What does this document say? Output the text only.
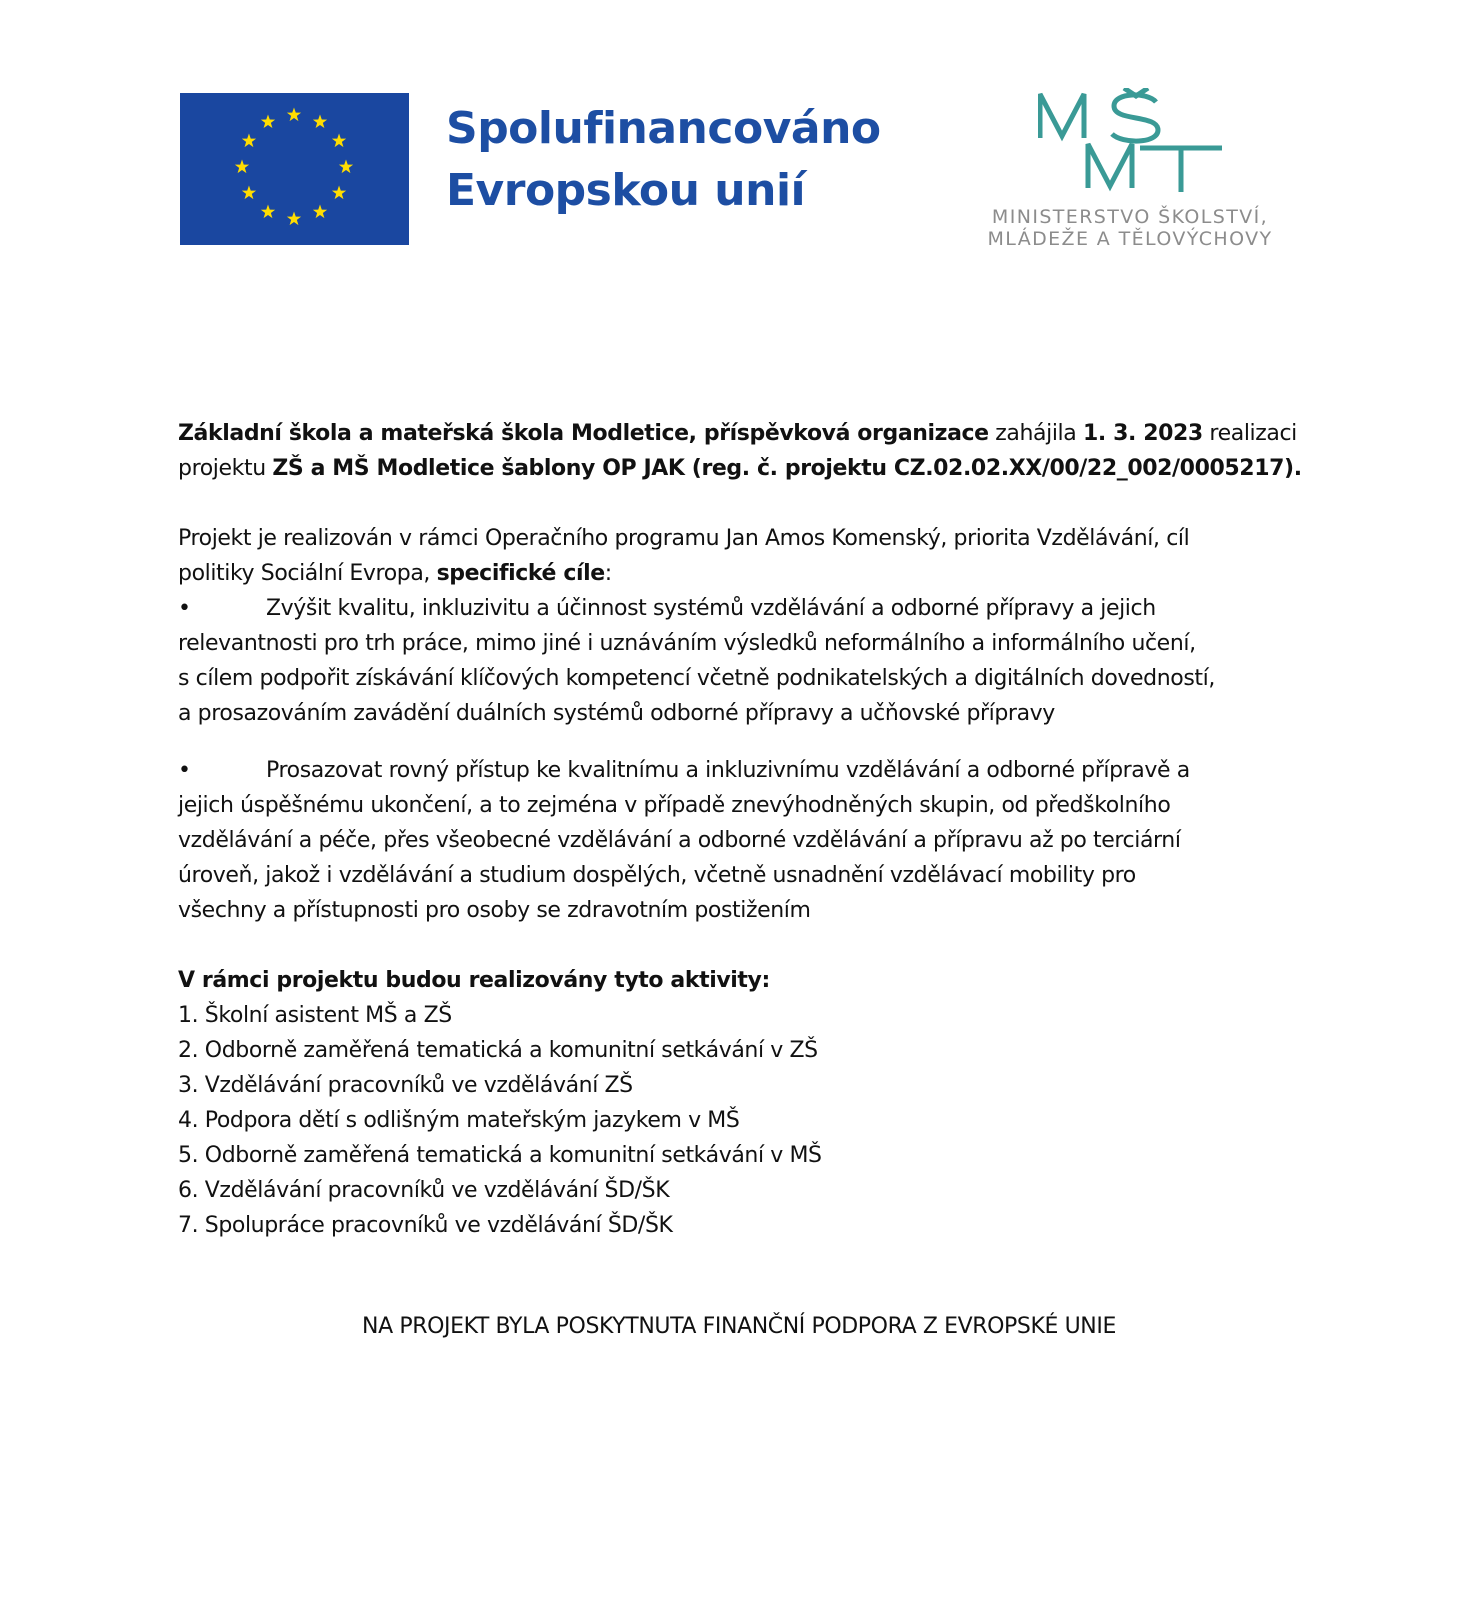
Spolufinancováno
Evropskou unií
MINISTERSTVO ŠKOLSTVÍ,
MLÁDEŽE A TĚLOVÝCHOVY

Základní škola a mateřská škola Modletice, příspěvková organizace zahájila 1. 3. 2023 realizaci
projektu ZŠ a MŠ Modletice šablony OP JAK (reg. č. projektu CZ.02.02.XX/00/22_002/0005217).

Projekt je realizován v rámci Operačního programu Jan Amos Komenský, priorita Vzdělávání, cíl
politiky Sociální Evropa, specifické cíle:

•	Zvýšit kvalitu, inkluzivitu a účinnost systémů vzdělávání a odborné přípravy a jejich
relevantnosti pro trh práce, mimo jiné i uznáváním výsledků neformálního a informálního učení,
s cílem podpořit získávání klíčových kompetencí včetně podnikatelských a digitálních dovedností,
a prosazováním zavádění duálních systémů odborné přípravy a učňovské přípravy

•	Prosazovat rovný přístup ke kvalitnímu a inkluzivnímu vzdělávání a odborné přípravě a
jejich úspěšnému ukončení, a to zejména v případě znevýhodněných skupin, od předškolního
vzdělávání a péče, přes všeobecné vzdělávání a odborné vzdělávání a přípravu až po terciární
úroveň, jakož i vzdělávání a studium dospělých, včetně usnadnění vzdělávací mobility pro
všechny a přístupnosti pro osoby se zdravotním postižením

V rámci projektu budou realizovány tyto aktivity:
1. Školní asistent MŠ a ZŠ
2. Odborně zaměřená tematická a komunitní setkávání v ZŠ
3. Vzdělávání pracovníků ve vzdělávání ZŠ
4. Podpora dětí s odlišným mateřským jazykem v MŠ
5. Odborně zaměřená tematická a komunitní setkávání v MŠ
6. Vzdělávání pracovníků ve vzdělávání ŠD/ŠK
7. Spolupráce pracovníků ve vzdělávání ŠD/ŠK

NA PROJEKT BYLA POSKYTNUTA FINANČNÍ PODPORA Z EVROPSKÉ UNIE
